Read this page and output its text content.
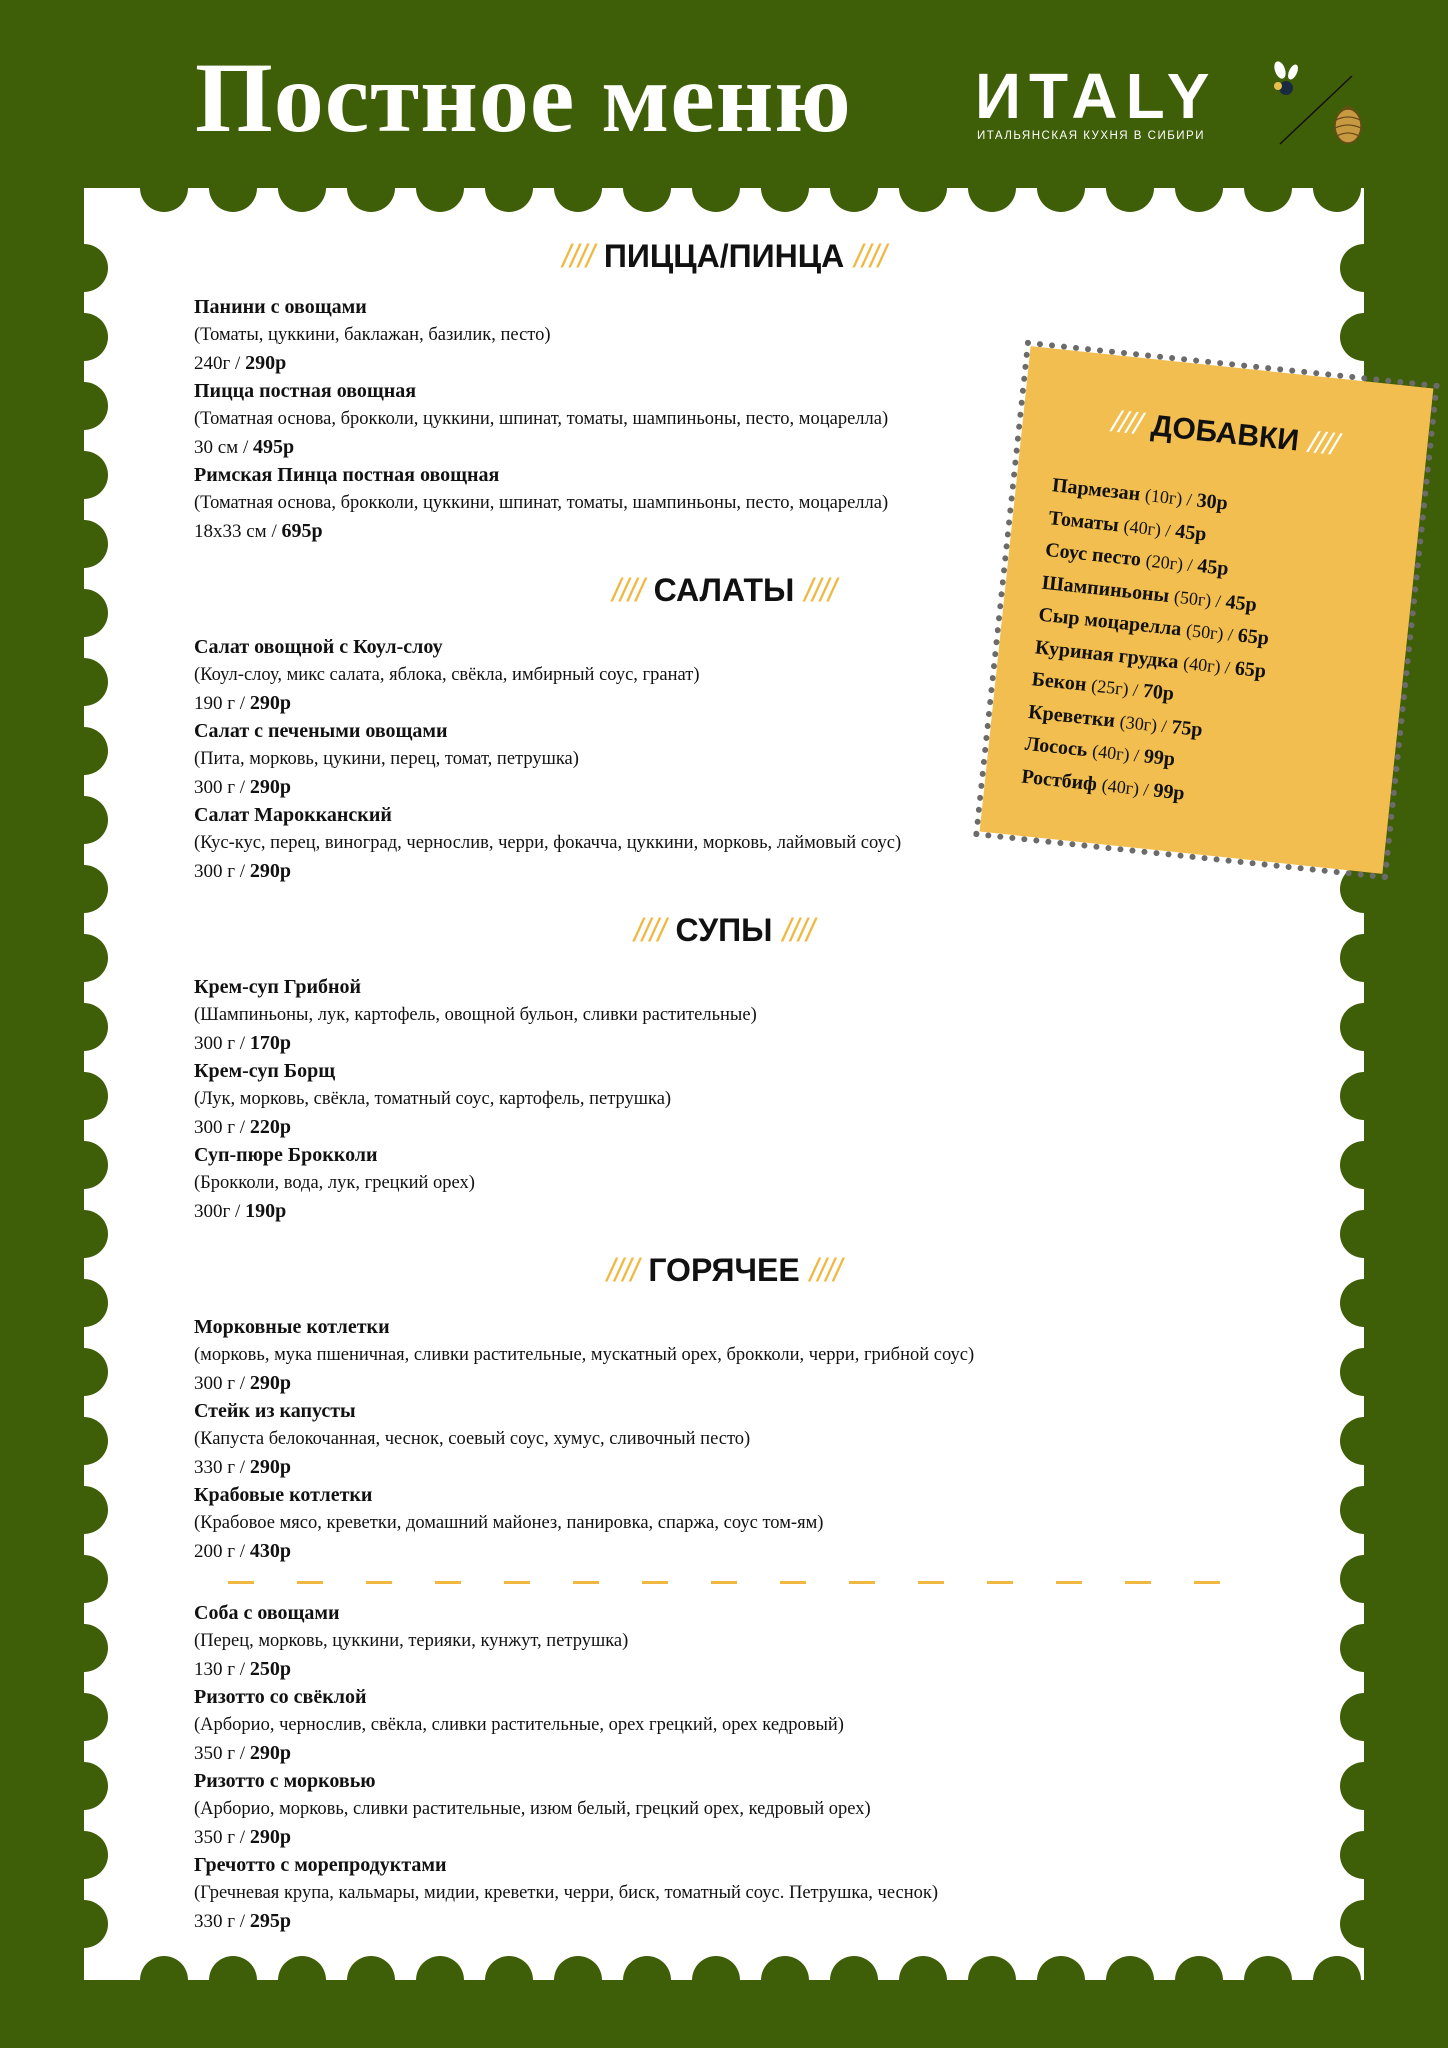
Постное меню ИTALY
ИТАЛЬЯНСКАЯ КУХНЯ В СИБИРИ
//// ПИЦЦА/ПИНЦА ////
Панини с овощами
(Томаты, цуккини, баклажан, базилик, песто)
240г / 290р
Пицца постная овощная
(Томатная основа, брокколи, цуккини, шпинат, томаты, шампиньоны, песто, моцарелла)
30 см / 495р
Римская Пинца постная овощная
(Томатная основа, брокколи, цуккини, шпинат, томаты, шампиньоны, песто, моцарелла)
18х33 см / 695р
//// САЛАТЫ ////
Салат овощной с Коул-слоу
(Коул-слоу, микс салата, яблока, свёкла, имбирный соус, гранат)
190 г / 290р
Салат с печеными овощами
(Пита, морковь, цукини, перец, томат, петрушка)
300 г / 290р
Салат Марокканский
(Кус-кус, перец, виноград, чернослив, черри, фокачча, цуккини, морковь, лаймовый соус)
300 г / 290р
//// СУПЫ ////
Крем-суп Грибной
(Шампиньоны, лук, картофель, овощной бульон, сливки растительные)
300 г / 170р
Крем-суп Борщ
(Лук, морковь, свёкла, томатный соус, картофель, петрушка)
300 г / 220р
Суп-пюре Брокколи
(Брокколи, вода, лук, грецкий орех)
300г / 190р
//// ГОРЯЧЕЕ ////
Морковные котлетки
(морковь, мука пшеничная, сливки растительные, мускатный орех, брокколи, черри, грибной соус)
300 г / 290р
Стейк из капусты
(Капуста белокочанная, чеснок, соевый соус, хумус, сливочный песто)
330 г / 290р
Крабовые котлетки
(Крабовое мясо, креветки, домашний майонез, панировка, спаржа, соус том-ям)
200 г / 430р
Соба с овощами
(Перец, морковь, цуккини, терияки, кунжут, петрушка)
130 г / 250р
Ризотто со свёклой
(Арборио, чернослив, свёкла, сливки растительные, орех грецкий, орех кедровый)
350 г / 290р
Ризотто с морковью
(Арборио, морковь, сливки растительные, изюм белый, грецкий орех, кедровый орех)
350 г / 290р
Гречотто с морепродуктами
(Гречневая крупа, кальмары, мидии, креветки, черри, биск, томатный соус. Петрушка, чеснок)
330 г / 295р
//// ДОБАВКИ ////
Пармезан (10г) / 30р
Томаты (40г) / 45р
Соус песто (20г) / 45р
Шампиньоны (50г) / 45р
Сыр моцарелла (50г) / 65р
Куриная грудка (40г) / 65р
Бекон (25г) / 70р
Креветки (30г) / 75р
Лосось (40г) / 99р
Ростбиф (40г) / 99р
